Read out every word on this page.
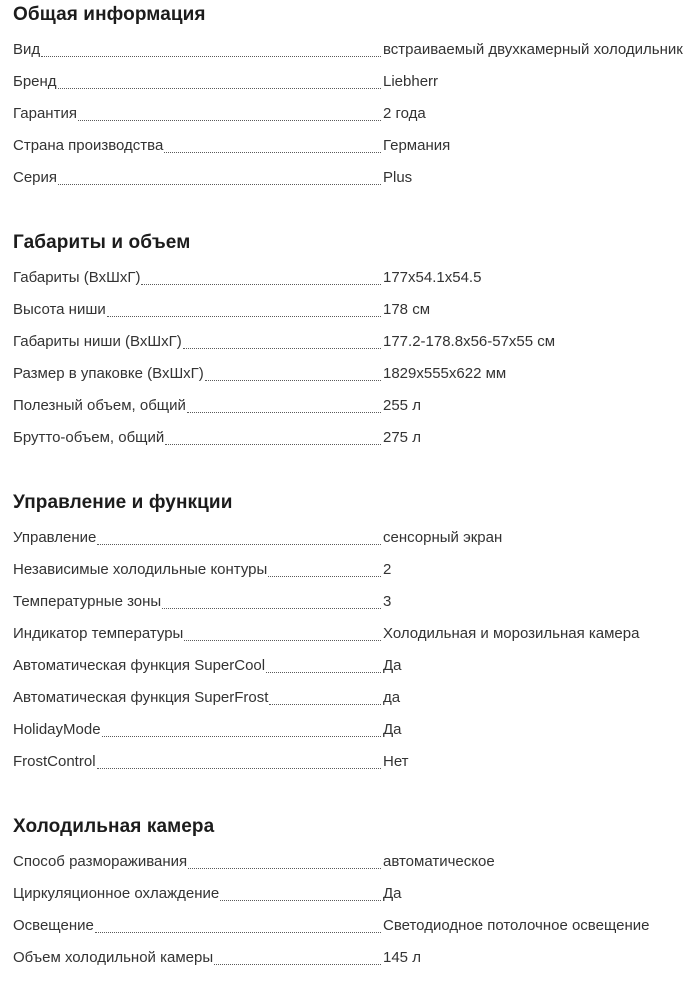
Общая информация
Вид	встраиваемый двухкамерный холодильник
Бренд	Liebherr
Гарантия	2 года
Страна производства	Германия
Серия	Plus
Габариты и объем
Габариты (ВхШхГ)	177x54.1x54.5
Высота ниши	178 см
Габариты ниши (ВхШхГ)	177.2-178.8x56-57x55 см
Размер в упаковке (ВхШхГ)	1829x555x622 мм
Полезный объем, общий	255 л
Брутто-объем, общий	275 л
Управление и функции
Управление	сенсорный экран
Независимые холодильные контуры	2
Температурные зоны	3
Индикатор температуры	Холодильная и морозильная камера
Автоматическая функция SuperCool	Да
Автоматическая функция SuperFrost	да
HolidayMode	Да
FrostControl	Нет
Холодильная камера
Способ размораживания	автоматическое
Циркуляционное охлаждение	Да
Освещение	Светодиодное потолочное освещение
Объем холодильной камеры	145 л
